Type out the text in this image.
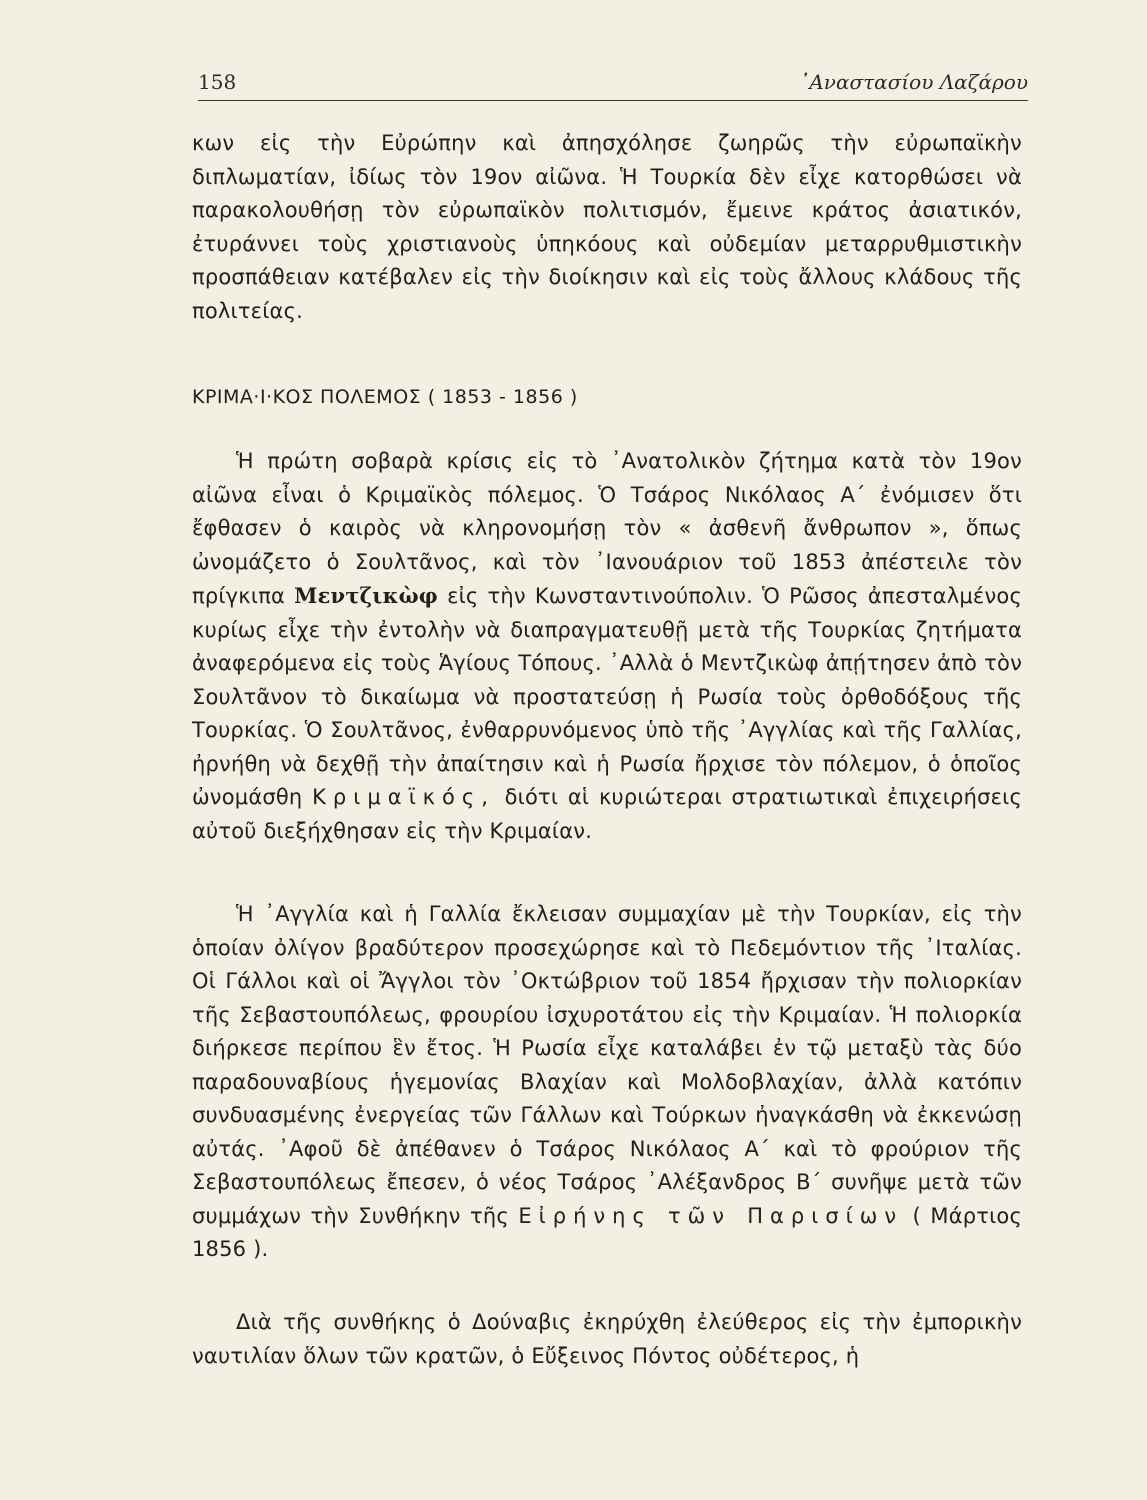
158	᾿Αναστασίου Λαζάρου

κων εἰς τὴν Εὐρώπην καὶ ἀπησχόλησε ζωηρῶς τὴν εὐρωπαϊκὴν διπλωματίαν, ἰδίως τὸν 19ον αἰῶνα. Ἡ Τουρκία δὲν εἶχε κατορθώσει νὰ παρακολουθήσῃ τὸν εὐρωπαϊκὸν πολιτισμόν, ἔμεινε κράτος ἀσιατικόν, ἐτυράννει τοὺς χριστιανοὺς ὑπηκόους καὶ οὐδεμίαν μεταρρυθμιστικὴν προσπάθειαν κατέβαλεν εἰς τὴν διοίκησιν καὶ εἰς τοὺς ἄλλους κλάδους τῆς πολιτείας.

ΚΡΙΜΑ·Ι·ΚΟΣ ΠΟΛΕΜΟΣ ( 1853 - 1856 )

Ἡ πρώτη σοβαρὰ κρίσις εἰς τὸ ᾿Ανατολικὸν ζήτημα κατὰ τὸν 19ον αἰῶνα εἶναι ὁ Κριμαϊκὸς πόλεμος. Ὁ Τσάρος Νικόλαος Α΄ ἐνόμισεν ὅτι ἔφθασεν ὁ καιρὸς νὰ κληρονομήσῃ τὸν « ἀσθενῆ ἄνθρωπον », ὅπως ὠνομάζετο ὁ Σουλτᾶνος, καὶ τὸν ᾿Ιανουάριον τοῦ 1853 ἀπέστειλε τὸν πρίγκιπα Μεντζικὼφ εἰς τὴν Κωνσταντινούπολιν. Ὁ Ρῶσος ἀπεσταλμένος κυρίως εἶχε τὴν ἐντολὴν νὰ διαπραγματευθῇ μετὰ τῆς Τουρκίας ζητήματα ἀναφερόμενα εἰς τοὺς Ἁγίους Τόπους. ᾿Αλλὰ ὁ Μεντζικὼφ ἀπῄτησεν ἀπὸ τὸν Σουλτᾶνον τὸ δικαίωμα νὰ προστατεύσῃ ἡ Ρωσία τοὺς ὀρθοδόξους τῆς Τουρκίας. Ὁ Σουλτᾶνος, ἐνθαρρυνόμενος ὑπὸ τῆς ᾿Αγγλίας καὶ τῆς Γαλλίας, ἠρνήθη νὰ δεχθῇ τὴν ἀπαίτησιν καὶ ἡ Ρωσία ἤρχισε τὸν πόλεμον, ὁ ὁποῖος ὠνομάσθη Κριμαϊκός, διότι αἱ κυριώτεραι στρατιωτικαὶ ἐπιχειρήσεις αὐτοῦ διεξήχθησαν εἰς τὴν Κριμαίαν.

Ἡ ᾿Αγγλία καὶ ἡ Γαλλία ἔκλεισαν συμμαχίαν μὲ τὴν Τουρκίαν, εἰς τὴν ὁποίαν ὀλίγον βραδύτερον προσεχώρησε καὶ τὸ Πεδεμόντιον τῆς ᾿Ιταλίας. Οἱ Γάλλοι καὶ οἱ Ἄγγλοι τὸν ᾿Οκτώβριον τοῦ 1854 ἤρχισαν τὴν πολιορκίαν τῆς Σεβαστουπόλεως, φρουρίου ἰσχυροτάτου εἰς τὴν Κριμαίαν. Ἡ πολιορκία διήρκεσε περίπου ἓν ἔτος. Ἡ Ρωσία εἶχε καταλάβει ἐν τῷ μεταξὺ τὰς δύο παραδουναβίους ἡγεμονίας Βλαχίαν καὶ Μολδοβλαχίαν, ἀλλὰ κατόπιν συνδυασμένης ἐνεργείας τῶν Γάλλων καὶ Τούρκων ἠναγκάσθη νὰ ἐκκενώσῃ αὐτάς. ᾿Αφοῦ δὲ ἀπέθανεν ὁ Τσάρος Νικόλαος Α΄ καὶ τὸ φρούριον τῆς Σεβαστουπόλεως ἔπεσεν, ὁ νέος Τσάρος ᾿Αλέξανδρος Β΄ συνῆψε μετὰ τῶν συμμάχων τὴν Συνθήκην τῆς Εἰρήνης τῶν Παρισίων ( Μάρτιος 1856 ).

Διὰ τῆς συνθήκης ὁ Δούναβις ἐκηρύχθη ἐλεύθερος εἰς τὴν ἐμπορικὴν ναυτιλίαν ὅλων τῶν κρατῶν, ὁ Εὔξεινος Πόντος οὐδέτερος, ἡ
